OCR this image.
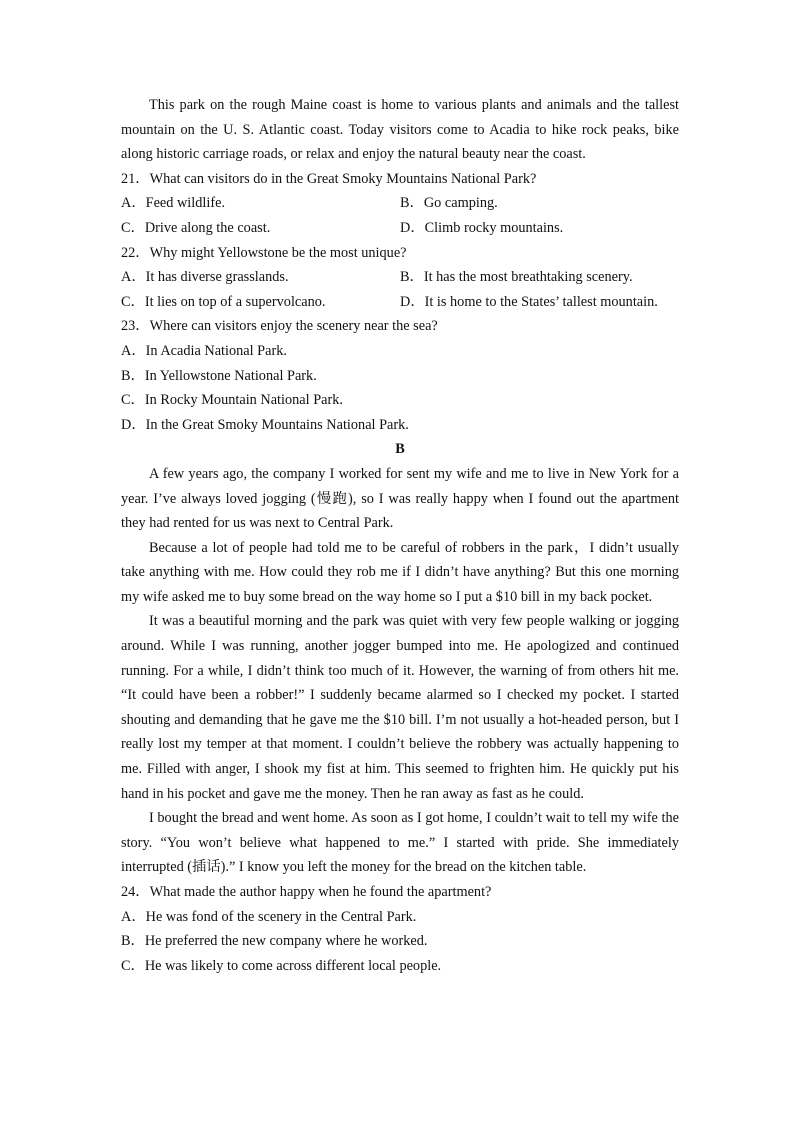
This park on the rough Maine coast is home to various plants and animals and the tallest mountain on the U. S. Atlantic coast. Today visitors come to Acadia to hike rock peaks, bike along historic carriage roads, or relax and enjoy the natural beauty near the coast.

21．What can visitors do in the Great Smoky Mountains National Park?

A．Feed wildlife.	B．Go camping.
C．Drive along the coast.	D．Climb rocky mountains.

22．Why might Yellowstone be the most unique?

A．It has diverse grasslands.	B．It has the most breathtaking scenery.
C．It lies on top of a supervolcano.	D．It is home to the States’ tallest mountain.

23．Where can visitors enjoy the scenery near the sea?

A．In Acadia National Park.

B．In Yellowstone National Park.

C．In Rocky Mountain National Park.

D．In the Great Smoky Mountains National Park.

B

A few years ago, the company I worked for sent my wife and me to live in New York for a year. I’ve always loved jogging (慢跑), so I was really happy when I found out the apartment they had rented for us was next to Central Park.

Because a lot of people had told me to be careful of robbers in the park，I didn’t usually take anything with me. How could they rob me if I didn’t have anything? But this one morning my wife asked me to buy some bread on the way home so I put a $10 bill in my back pocket.

It was a beautiful morning and the park was quiet with very few people walking or jogging around. While I was running, another jogger bumped into me. He apologized and continued running. For a while, I didn’t think too much of it. However, the warning of from others hit me. “It could have been a robber!” I suddenly became alarmed so I checked my pocket. I started shouting and demanding that he gave me the $10 bill. I’m not usually a hot-headed person, but I really lost my temper at that moment. I couldn’t believe the robbery was actually happening to me. Filled with anger, I shook my fist at him. This seemed to frighten him. He quickly put his hand in his pocket and gave me the money. Then he ran away as fast as he could.

I bought the bread and went home. As soon as I got home, I couldn’t wait to tell my wife the story. “You won’t believe what happened to me.” I started with pride. She immediately interrupted (插话).” I know you left the money for the bread on the kitchen table.

24．What made the author happy when he found the apartment?

A．He was fond of the scenery in the Central Park.

B．He preferred the new company where he worked.

C．He was likely to come across different local people.
